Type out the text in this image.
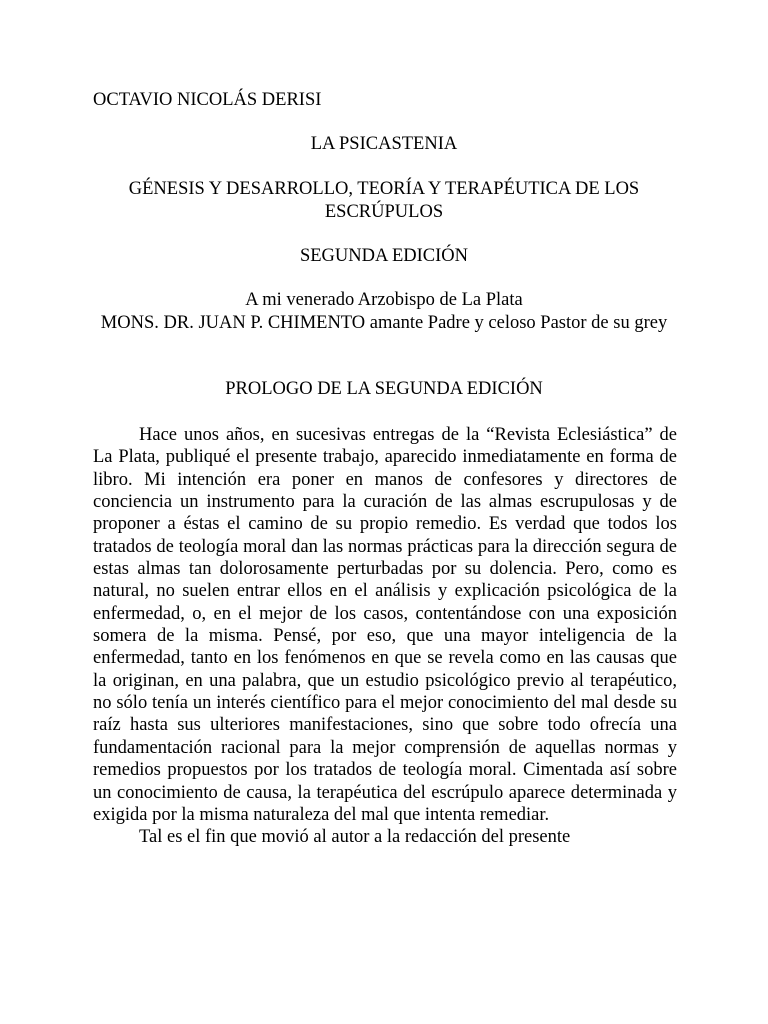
OCTAVIO NICOLÁS DERISI
LA PSICASTENIA
GÉNESIS Y DESARROLLO, TEORÍA Y TERAPÉUTICA DE LOS ESCRÚPULOS
SEGUNDA EDICIÓN
A mi venerado Arzobispo de La Plata
MONS. DR. JUAN P. CHIMENTO amante Padre y celoso Pastor de su grey
PROLOGO DE LA SEGUNDA EDICIÓN

Hace unos años, en sucesivas entregas de la “Revista Eclesiástica” de La Plata, publiqué el presente trabajo, aparecido inmediatamente en forma de libro. Mi intención era poner en manos de confesores y directores de conciencia un instrumento para la curación de las almas escrupulosas y de proponer a éstas el camino de su propio remedio. Es verdad que todos los tratados de teología moral dan las normas prácticas para la dirección segura de estas almas tan dolorosamente perturbadas por su dolencia. Pero, como es natural, no suelen entrar ellos en el análisis y explicación psicológica de la enfermedad, o, en el mejor de los casos, contentándose con una exposición somera de la misma. Pensé, por eso, que una mayor inteligencia de la enfermedad, tanto en los fenómenos en que se revela como en las causas que la originan, en una palabra, que un estudio psicológico previo al terapéutico, no sólo tenía un interés científico para el mejor conocimiento del mal desde su raíz hasta sus ulteriores manifestaciones, sino que sobre todo ofrecía una fundamentación racional para la mejor comprensión de aquellas normas y remedios propuestos por los tratados de teología moral. Cimentada así sobre un conocimiento de causa, la terapéutica del escrúpulo aparece determinada y exigida por la misma naturaleza del mal que intenta remediar.

Tal es el fin que movió al autor a la redacción del presente
